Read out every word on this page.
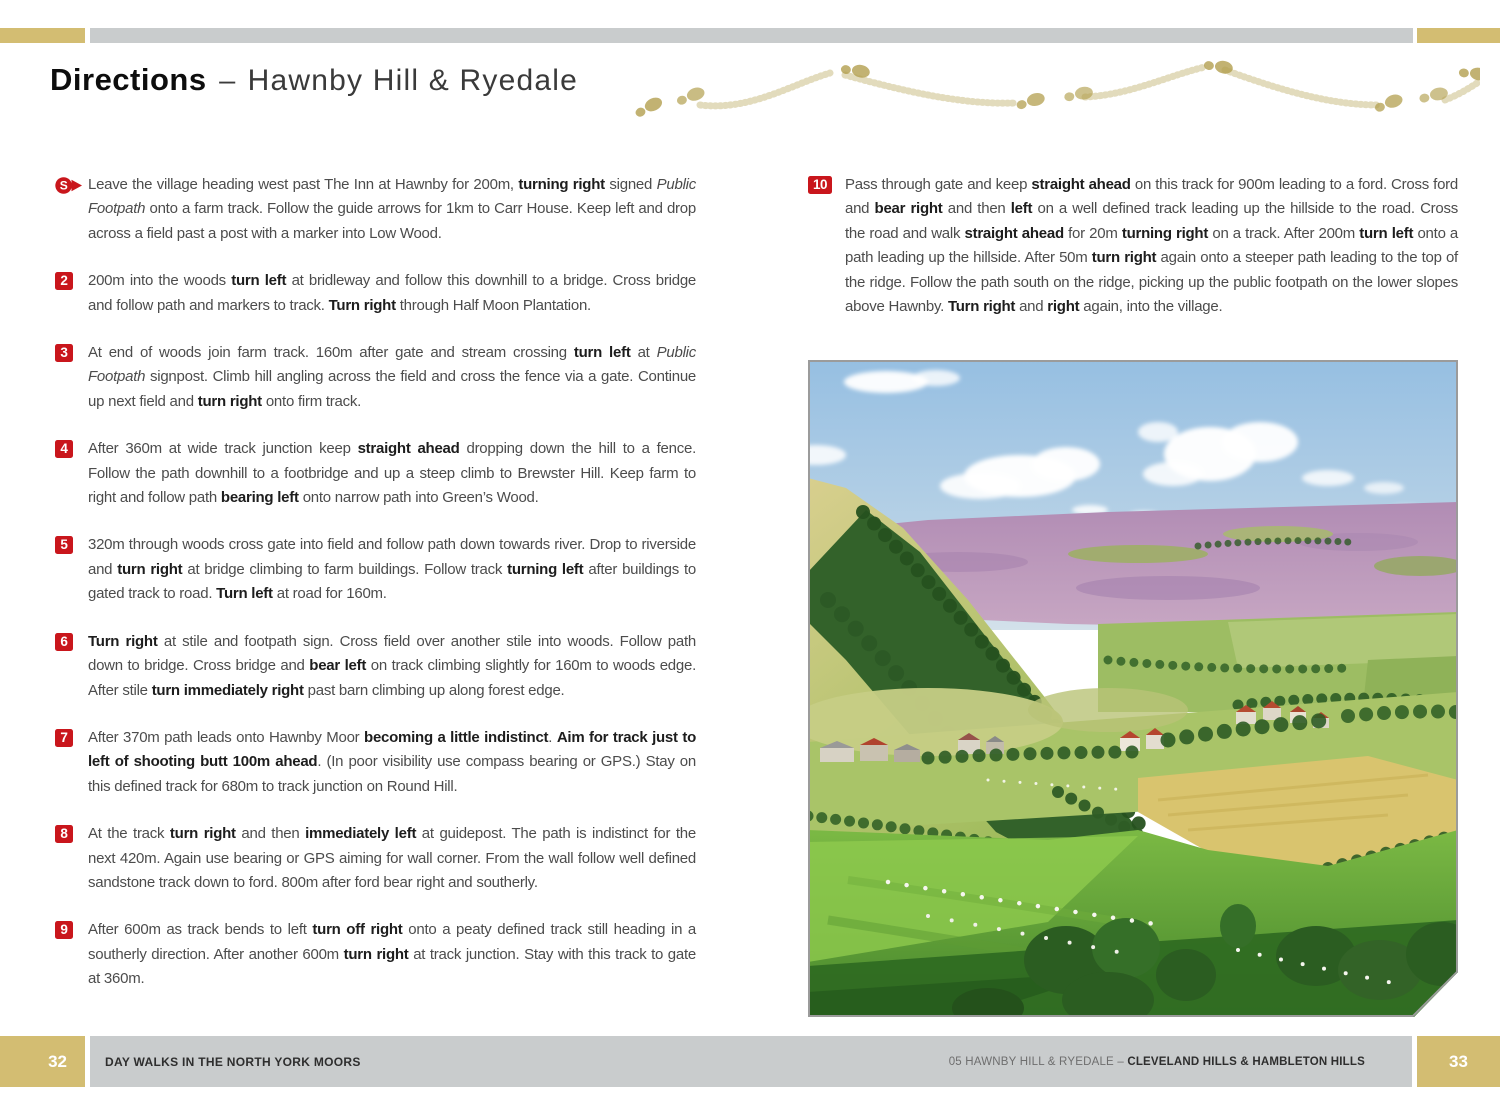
Directions – Hawnby Hill & Ryedale
S Leave the village heading west past The Inn at Hawnby for 200m, turning right signed Public Footpath onto a farm track. Follow the guide arrows for 1km to Carr House. Keep left and drop across a field past a post with a marker into Low Wood.
2	200m into the woods turn left at bridleway and follow this downhill to a bridge. Cross bridge and follow path and markers to track. Turn right through Half Moon Plantation.
3	At end of woods join farm track. 160m after gate and stream crossing turn left at Public Footpath signpost. Climb hill angling across the field and cross the fence via a gate. Continue up next field and turn right onto firm track.
4	After 360m at wide track junction keep straight ahead dropping down the hill to a fence. Follow the path downhill to a footbridge and up a steep climb to Brewster Hill. Keep farm to right and follow path bearing left onto narrow path into Green’s Wood.
5	320m through woods cross gate into field and follow path down towards river. Drop to riverside and turn right at bridge climbing to farm buildings. Follow track turning left after buildings to gated track to road. Turn left at road for 160m.
6	Turn right at stile and footpath sign. Cross field over another stile into woods. Follow path down to bridge. Cross bridge and bear left on track climbing slightly for 160m to woods edge. After stile turn immediately right past barn climbing up along forest edge.
7	After 370m path leads onto Hawnby Moor becoming a little indistinct. Aim for track just to left of shooting butt 100m ahead. (In poor visibility use compass bearing or GPS.) Stay on this defined track for 680m to track junction on Round Hill.
8	At the track turn right and then immediately left at guidepost. The path is indistinct for the next 420m. Again use bearing or GPS aiming for wall corner. From the wall follow well defined sandstone track down to ford. 800m after ford bear right and southerly.
9	After 600m as track bends to left turn off right onto a peaty defined track still heading in a southerly direction. After another 600m turn right at track junction. Stay with this track to gate at 360m.
10	Pass through gate and keep straight ahead on this track for 900m leading to a ford. Cross ford and bear right and then left on a well defined track leading up the hillside to the road. Cross the road and walk straight ahead for 20m turning right on a track. After 200m turn left onto a path leading up the hillside. After 50m turn right again onto a steeper path leading to the top of the ridge. Follow the path south on the ridge, picking up the public footpath on the lower slopes above Hawnby. Turn right and right again, into the village.
32	DAY WALKS IN THE NORTH YORK MOORS	05 HAWNBY HILL & RYEDALE – CLEVELAND HILLS & HAMBLETON HILLS	33
